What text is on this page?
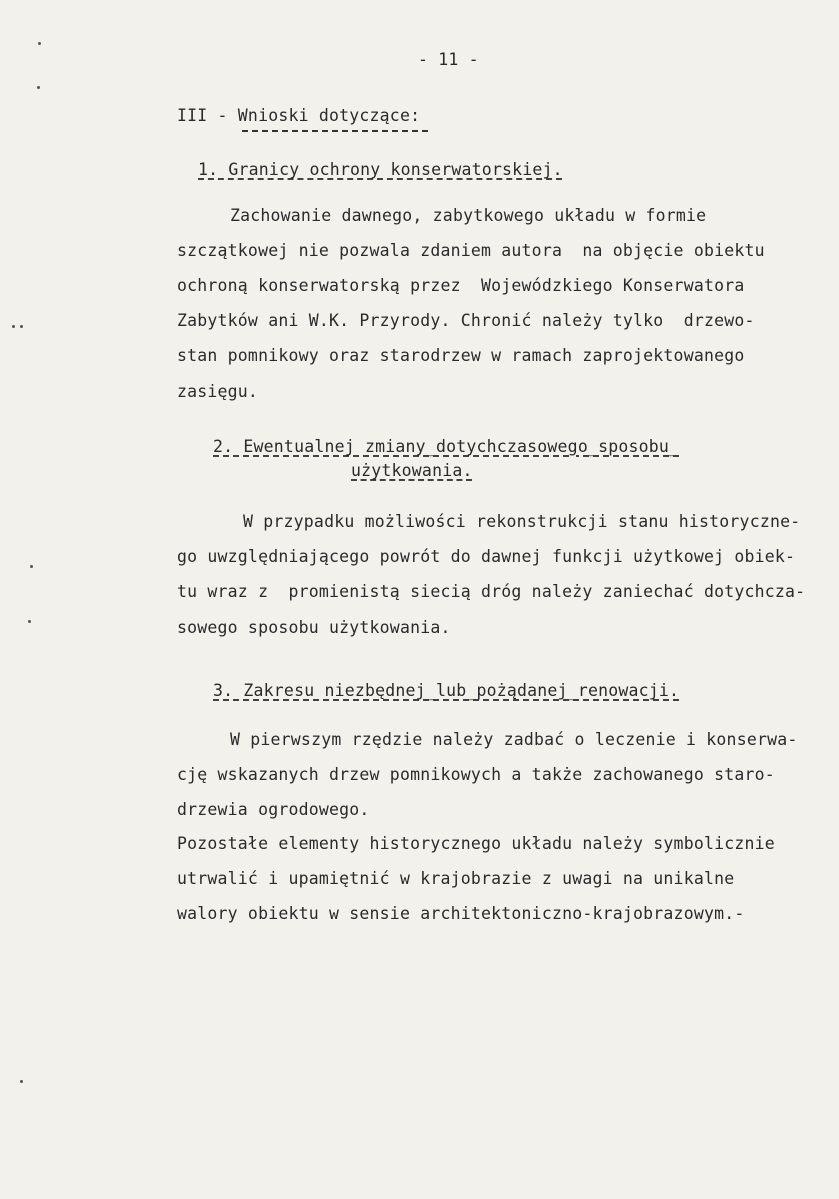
- 11 -
III - Wnioski dotyczące:
1. Granicy ochrony konserwatorskiej.
Zachowanie dawnego, zabytkowego układu w formie
szczątkowej nie pozwala zdaniem autora  na objęcie obiektu
ochroną konserwatorską przez  Wojewódzkiego Konserwatora
Zabytków ani W.K. Przyrody. Chronić należy tylko  drzewo-
stan pomnikowy oraz starodrzew w ramach zaprojektowanego
zasięgu.
2. Ewentualnej zmiany_dotychczasowego_sposobu_
użytkowania.
W przypadku możliwości rekonstrukcji stanu historyczne-
go uwzględniającego powrót do dawnej funkcji użytkowej obiek-
tu wraz z  promienistą siecią dróg należy zaniechać dotychcza-
sowego sposobu użytkowania.
3. Zakresu niezbędnej_lub_pożądanej_renowacji.
W pierwszym rzędzie należy zadbać o leczenie i konserwa-
cję wskazanych drzew pomnikowych a także zachowanego staro-
drzewia ogrodowego.
Pozostałe elementy historycznego układu należy symbolicznie
utrwalić i upamiętnić w krajobrazie z uwagi na unikalne
walory obiektu w sensie architektoniczno-krajobrazowym.-
